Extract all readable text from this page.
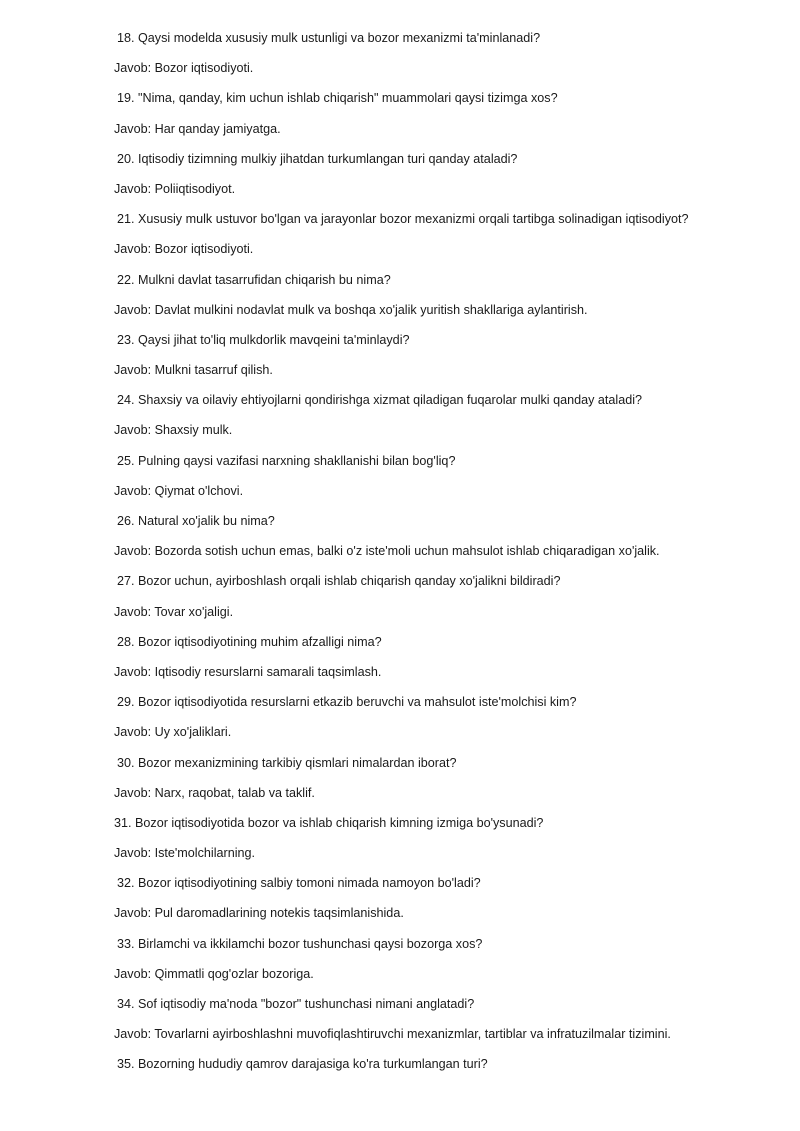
18. Qaysi modelda xususiy mulk ustunligi va bozor mexanizmi ta'minlanadi?
Javob: Bozor iqtisodiyoti.
19. "Nima, qanday, kim uchun ishlab chiqarish" muammolari qaysi tizimga xos?
Javob: Har qanday jamiyatga.
20. Iqtisodiy tizimning mulkiy jihatdan turkumlangan turi qanday ataladi?
Javob: Poliiqtisodiyot.
21. Xususiy mulk ustuvor bo'lgan va jarayonlar bozor mexanizmi orqali tartibga solinadigan iqtisodiyot?
Javob: Bozor iqtisodiyoti.
22. Mulkni davlat tasarrufidan chiqarish bu nima?
Javob: Davlat mulkini nodavlat mulk va boshqa xo'jalik yuritish shakllariga aylantirish.
23. Qaysi jihat to'liq mulkdorlik mavqeini ta'minlaydi?
Javob: Mulkni tasarruf qilish.
24. Shaxsiy va oilaviy ehtiyojlarni qondirishga xizmat qiladigan fuqarolar mulki qanday ataladi?
Javob: Shaxsiy mulk.
25. Pulning qaysi vazifasi narxning shakllanishi bilan bog'liq?
Javob: Qiymat o'lchovi.
26. Natural xo'jalik bu nima?
Javob: Bozorda sotish uchun emas, balki o'z iste'moli uchun mahsulot ishlab chiqaradigan xo'jalik.
27. Bozor uchun, ayirboshlash orqali ishlab chiqarish qanday xo'jalikni bildiradi?
Javob: Tovar xo'jaligi.
28. Bozor iqtisodiyotining muhim afzalligi nima?
Javob: Iqtisodiy resurslarni samarali taqsimlash.
29. Bozor iqtisodiyotida resurslarni etkazib beruvchi va mahsulot iste'molchisi kim?
Javob: Uy xo'jaliklari.
30. Bozor mexanizmining tarkibiy qismlari nimalardan iborat?
Javob: Narx, raqobat, talab va taklif.
31. Bozor iqtisodiyotida bozor va ishlab chiqarish kimning izmiga bo'ysunadi?
Javob: Iste'molchilarning.
32. Bozor iqtisodiyotining salbiy tomoni nimada namoyon bo'ladi?
Javob: Pul daromadlarining notekis taqsimlanishida.
33. Birlamchi va ikkilamchi bozor tushunchasi qaysi bozorga xos?
Javob: Qimmatli qog'ozlar bozoriga.
34. Sof iqtisodiy ma'noda "bozor" tushunchasi nimani anglatadi?
Javob: Tovarlarni ayirboshlashni muvofiqlashtiruvchi mexanizmlar, tartiblar va infratuzilmalar tizimini.
35. Bozorning hududiy qamrov darajasiga ko'ra turkumlangan turi?
